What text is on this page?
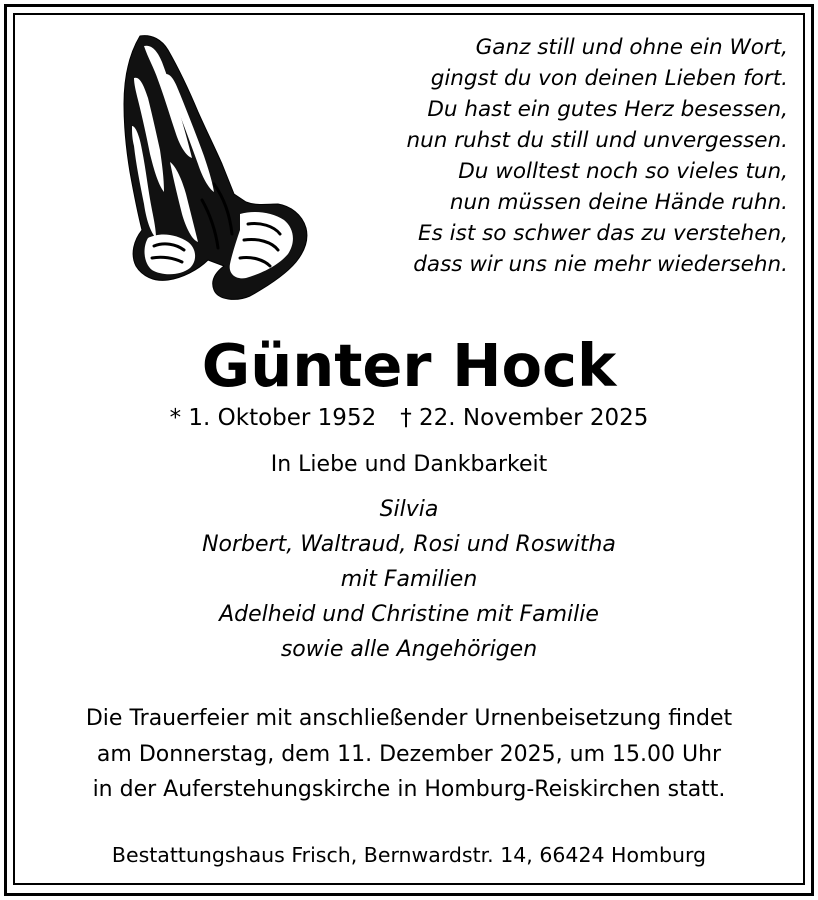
Ganz still und ohne ein Wort,
gingst du von deinen Lieben fort.
Du hast ein gutes Herz besessen,
nun ruhst du still und unvergessen.
Du wolltest noch so vieles tun,
nun müssen deine Hände ruhn.
Es ist so schwer das zu verstehen,
dass wir uns nie mehr wiedersehn.
Günter Hock
* 1. Oktober 1952 † 22. November 2025
In Liebe und Dankbarkeit
Silvia
Norbert, Waltraud, Rosi und Roswitha
mit Familien
Adelheid und Christine mit Familie
sowie alle Angehörigen
Die Trauerfeier mit anschließender Urnenbeisetzung findet
am Donnerstag, dem 11. Dezember 2025, um 15.00 Uhr
in der Auferstehungskirche in Homburg-Reiskirchen statt.
Bestattungshaus Frisch, Bernwardstr. 14, 66424 Homburg
